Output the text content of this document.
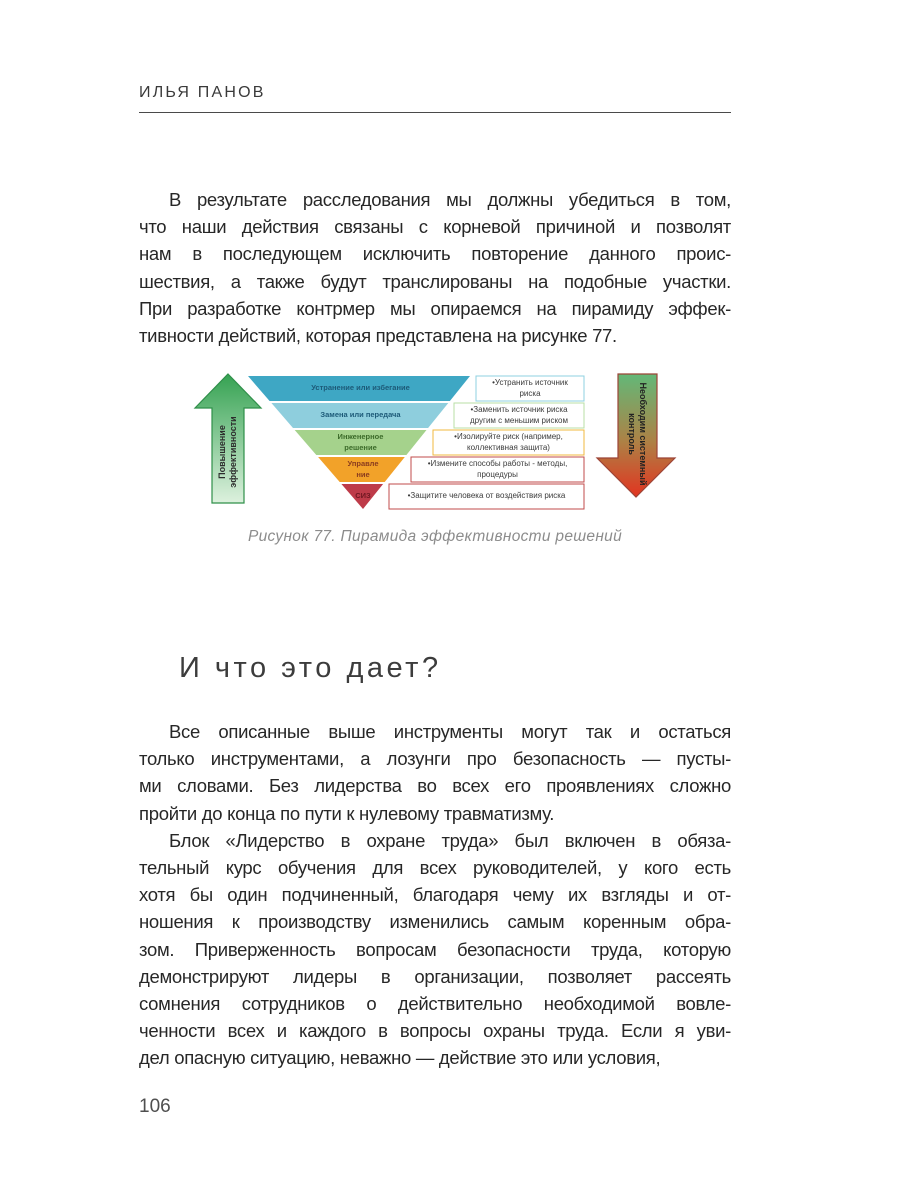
ИЛЬЯ ПАНОВ
В результате расследования мы должны убедиться в том,
что наши действия связаны с корневой причиной и позволят
нам в последующем исключить повторение данного проис-
шествия, а также будут транслированы на подобные участки.
При разработке контрмер мы опираемся на пирамиду эффек-
тивности действий, которая представлена на рисунке 77.
Устранение или избегание
Замена или передача
Инженерное
решение
Управле
ние
СИЗ
•Устранить источник
риска
•Заменить источник риска
другим с меньшим риском
•Изолируйте риск (например,
коллективная защита)
•Измените способы работы - методы,
процедуры
•Защитите человека от воздействия риска
Повышение эффективности	Необходим системный
контроль
Рисунок 77. Пирамида эффективности решений
И что это дает?
Все описанные выше инструменты могут так и остаться
только инструментами, а лозунги про безопасность — пусты-
ми словами. Без лидерства во всех его проявлениях сложно
пройти до конца по пути к нулевому травматизму.
Блок «Лидерство в охране труда» был включен в обяза-
тельный курс обучения для всех руководителей, у кого есть
хотя бы один подчиненный, благодаря чему их взгляды и от-
ношения к производству изменились самым коренным обра-
зом. Приверженность вопросам безопасности труда, которую
демонстрируют лидеры в организации, позволяет рассеять
сомнения сотрудников о действительно необходимой вовле-
ченности всех и каждого в вопросы охраны труда. Если я уви-
дел опасную ситуацию, неважно — действие это или условия,
106
